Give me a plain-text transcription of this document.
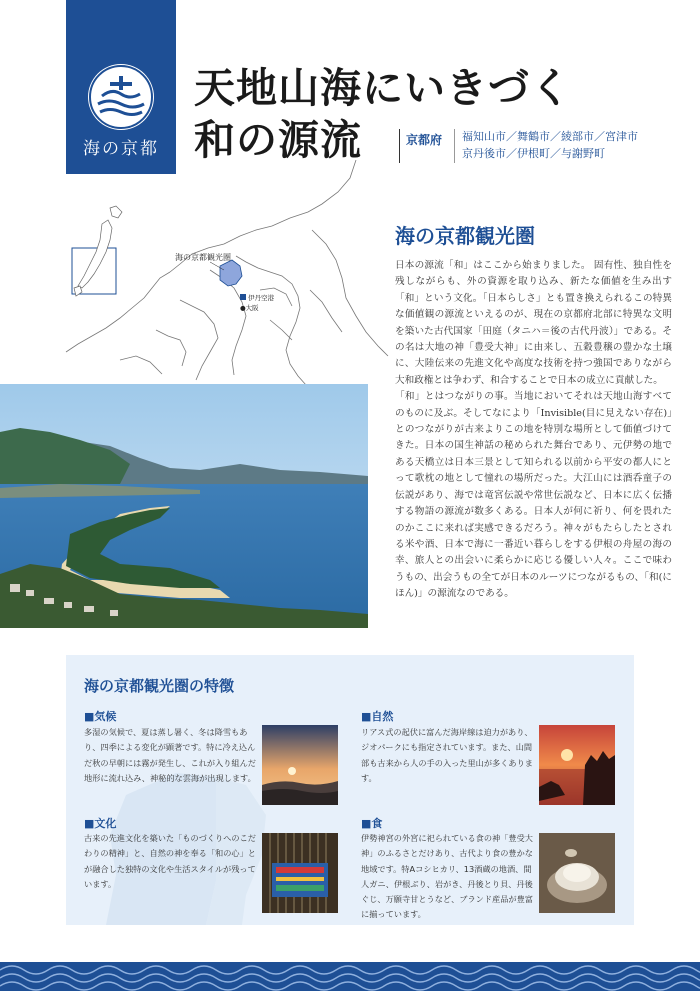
海の京都
天地山海にいきづく
和の源流	京都府 福知山市／舞鶴市／綾部市／宮津市
京丹後市／伊根町／与謝野町
海の京都観光圏
伊丹空港
●大阪
海の京都観光圏

日本の源流「和」はここから始まりました。 固有性、独自性を残しながらも、外の資源を取り込み、新たな価値を生み出す「和」という文化。「日本らしさ」とも置き換えられるこの特異な価値観の源流といえるのが、現在の京都府北部に特異な文明を築いた古代国家「田庭（タニハ＝後の古代丹波）」である。その名は大地の神「豊受大神」に由来し、五穀豊穣の豊かな土壌に、大陸伝来の先進文化や高度な技術を持つ強国でありながら大和政権とは争わず、和合することで日本の成立に貢献した。

「和」とはつながりの事。当地においてそれは天地山海すべてのものに及ぶ。そしてなにより「Invisible(目に見えない存在)」とのつながりが古来よりこの地を特別な場所として価値づけてきた。日本の国生神話の秘められた舞台であり、元伊勢の地である天橋立は日本三景として知られる以前から平安の都人にとって歌枕の地として憧れの場所だった。大江山には酒呑童子の伝説があり、海では竜宮伝説や常世伝説など、日本に広く伝播する物語の源流が数多くある。日本人が何に祈り、何を畏れたのかここに来れば実感できるだろう。神々がもたらしたとされる米や酒、日本で海に一番近い暮らしをする伊根の舟屋の海の幸、旅人との出会いに柔らかに応じる優しい人々。ここで味わうもの、出会うもの全てが日本のルーツにつながるもの、「和(にほん)」の源流なのである。

海の京都観光圏の特徴
■気候
多湿の気候で、夏は蒸し暑く、冬は降雪もあり、四季による変化が顕著です。特に冷え込んだ秋の早朝には霧が発生し、これが入り組んだ地形に流れ込み、神秘的な雲海が出現します。
■自然
リアス式の起伏に富んだ海岸線は迫力があり、ジオパークにも指定されています。また、山間部も古来から人の手の入った里山が多くあります。
■文化
古来の先進文化を築いた「ものづくりへのこだわりの精神」と、自然の神を奉る「和の心」とが融合した独特の文化や生活スタイルが残っています。
■食
伊勢神宮の外宮に祀られている食の神「豊受大神」のふるさとだけあり、古代より食の豊かな地域です。特Aコシヒカリ、13酒蔵の地酒、間人ガニ、伊根ぶり、岩がき、丹後とり貝、丹後ぐじ、万願寺甘とうなど、ブランド産品が豊富に揃っています。
